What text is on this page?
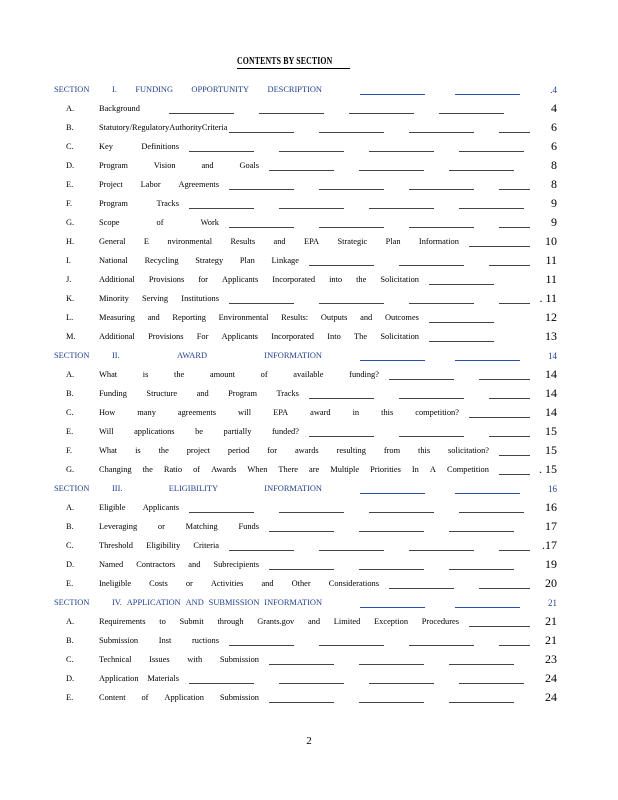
CONTENTS BY SECTION
SECTION	I. FUNDING OPPORTUNITY DESCRIPTION	.4
A.	Background	4
B.	Statutory/Regulatory Authority Criteria	6
C.	Key	Definitions	6
D.	Program	Vision	and	Goals	8
E.	Project Labor Agreements	8
F.	Program	Tracks	9
G.	Scope	of	Work	9
H.	General E nvironmental Results and EPA Strategic Plan Information	10
I.	National Recycling Strategy Plan Linkage	11
J.	Additional Provisions for Applicants Incorporated into the Solicitation	11
K.	Minority Serving Institutions	. 11
L.	Measuring and Reporting Environmental Results: Outputs and Outcomes	12
M.	Additional Provisions For Applicants Incorporated Into The Solicitation	13
SECTION	II.	AWARD	INFORMATION	14
A.	What	is	the	amount	of	available	funding?	14
B.	Funding Structure and Program Tracks	14
C.	How	many	agreements	will	EPA	award	in	this	competition?	14
E.	Will applications be partially funded?	15
F.	What is the project period for awards resulting from this solicitation?	15
G.	Changing the Ratio of Awards When There are Multiple Priorities In A Competition	. 15
SECTION	III.	ELIGIBILITY	INFORMATION	16
A.	Eligible Applicants	16
B.	Leveraging or Matching Funds	17
C.	Threshold Eligibility Criteria	.17
D.	Named Contractors and Subrecipients	19
E.	Ineligible Costs or Activities and Other Considerations	20
SECTION	IV. APPLICATION AND SUBMISSION INFORMATION	21
A.	Requirements to Submit through Grants.gov and Limited Exception Procedures	21
B.	Submission Inst ructions	21
C.	Technical Issues with Submission	23
D.	Application Materials	24
E.	Content of Application Submission	24
2
